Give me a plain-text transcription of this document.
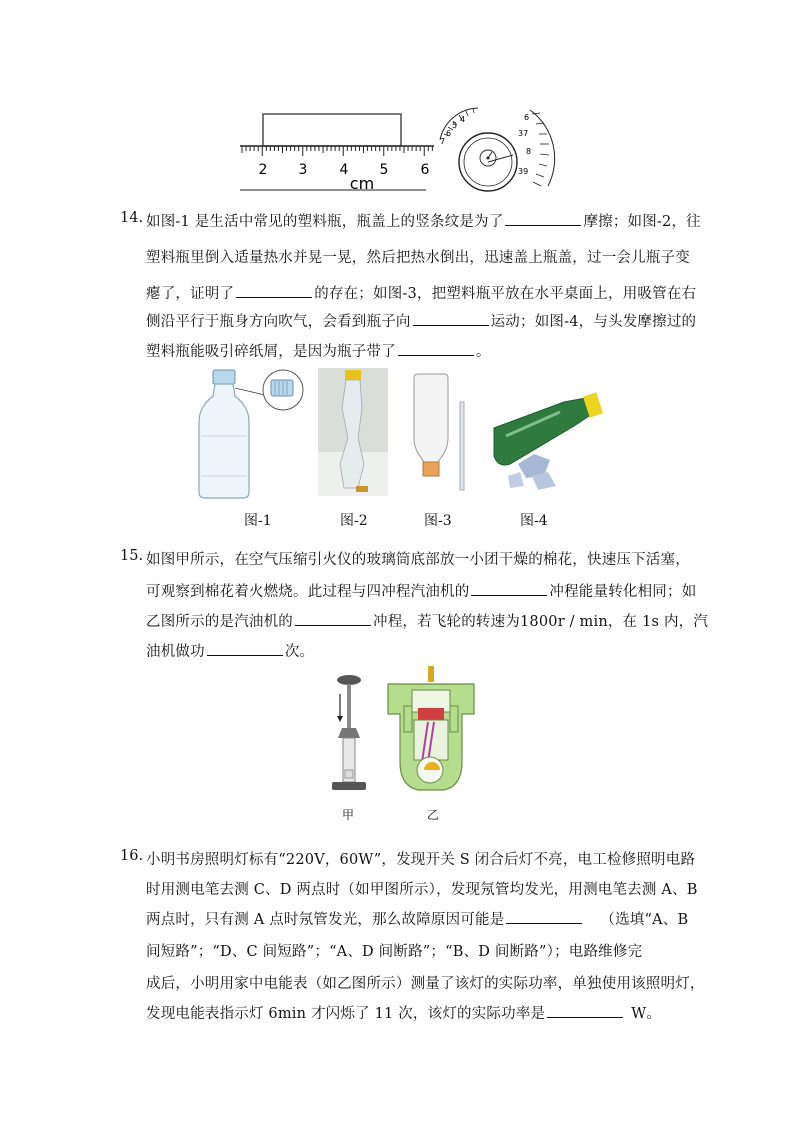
2 3 4 5 6
cm
7
6
5
4	6
37
8
39
14. 如图-1 是生活中常见的塑料瓶，瓶盖上的竖条纹是为了	摩擦；如图-2，往
塑料瓶里倒入适量热水并晃一晃，然后把热水倒出，迅速盖上瓶盖，过一会儿瓶子变
瘪了，证明了	的存在；如图-3，把塑料瓶平放在水平桌面上，用吸管在右
侧沿平行于瓶身方向吹气，会看到瓶子向	运动；如图-4，与头发摩擦过的
塑料瓶能吸引碎纸屑，是因为瓶子带了	。
图-1	图-2	图-3	图-4
15. 如图甲所示，在空气压缩引火仪的玻璃筒底部放一小团干燥的棉花，快速压下活塞，
可观察到棉花着火燃烧。此过程与四冲程汽油机的	冲程能量转化相同；如
乙图所示的是汽油机的	冲程，若飞轮的转速为1800r / min，在 1s 内，汽
油机做功	次。
甲	乙
16. 小明书房照明灯标有“220V，60W”，发现开关 S 闭合后灯不亮，电工检修照明电路
时用测电笔去测 C、D 两点时（如甲图所示），发现氖管均发光，用测电笔去测 A、B
两点时，只有测 A 点时氖管发光，那么故障原因可能是	（选填“A、B
间短路”；“D、C 间短路”；“A、D 间断路”；“B、D 间断路”）；电路维修完
成后，小明用家中电能表（如乙图所示）测量了该灯的实际功率，单独使用该照明灯，
发现电能表指示灯 6min 才闪烁了 11 次，该灯的实际功率是	W。
